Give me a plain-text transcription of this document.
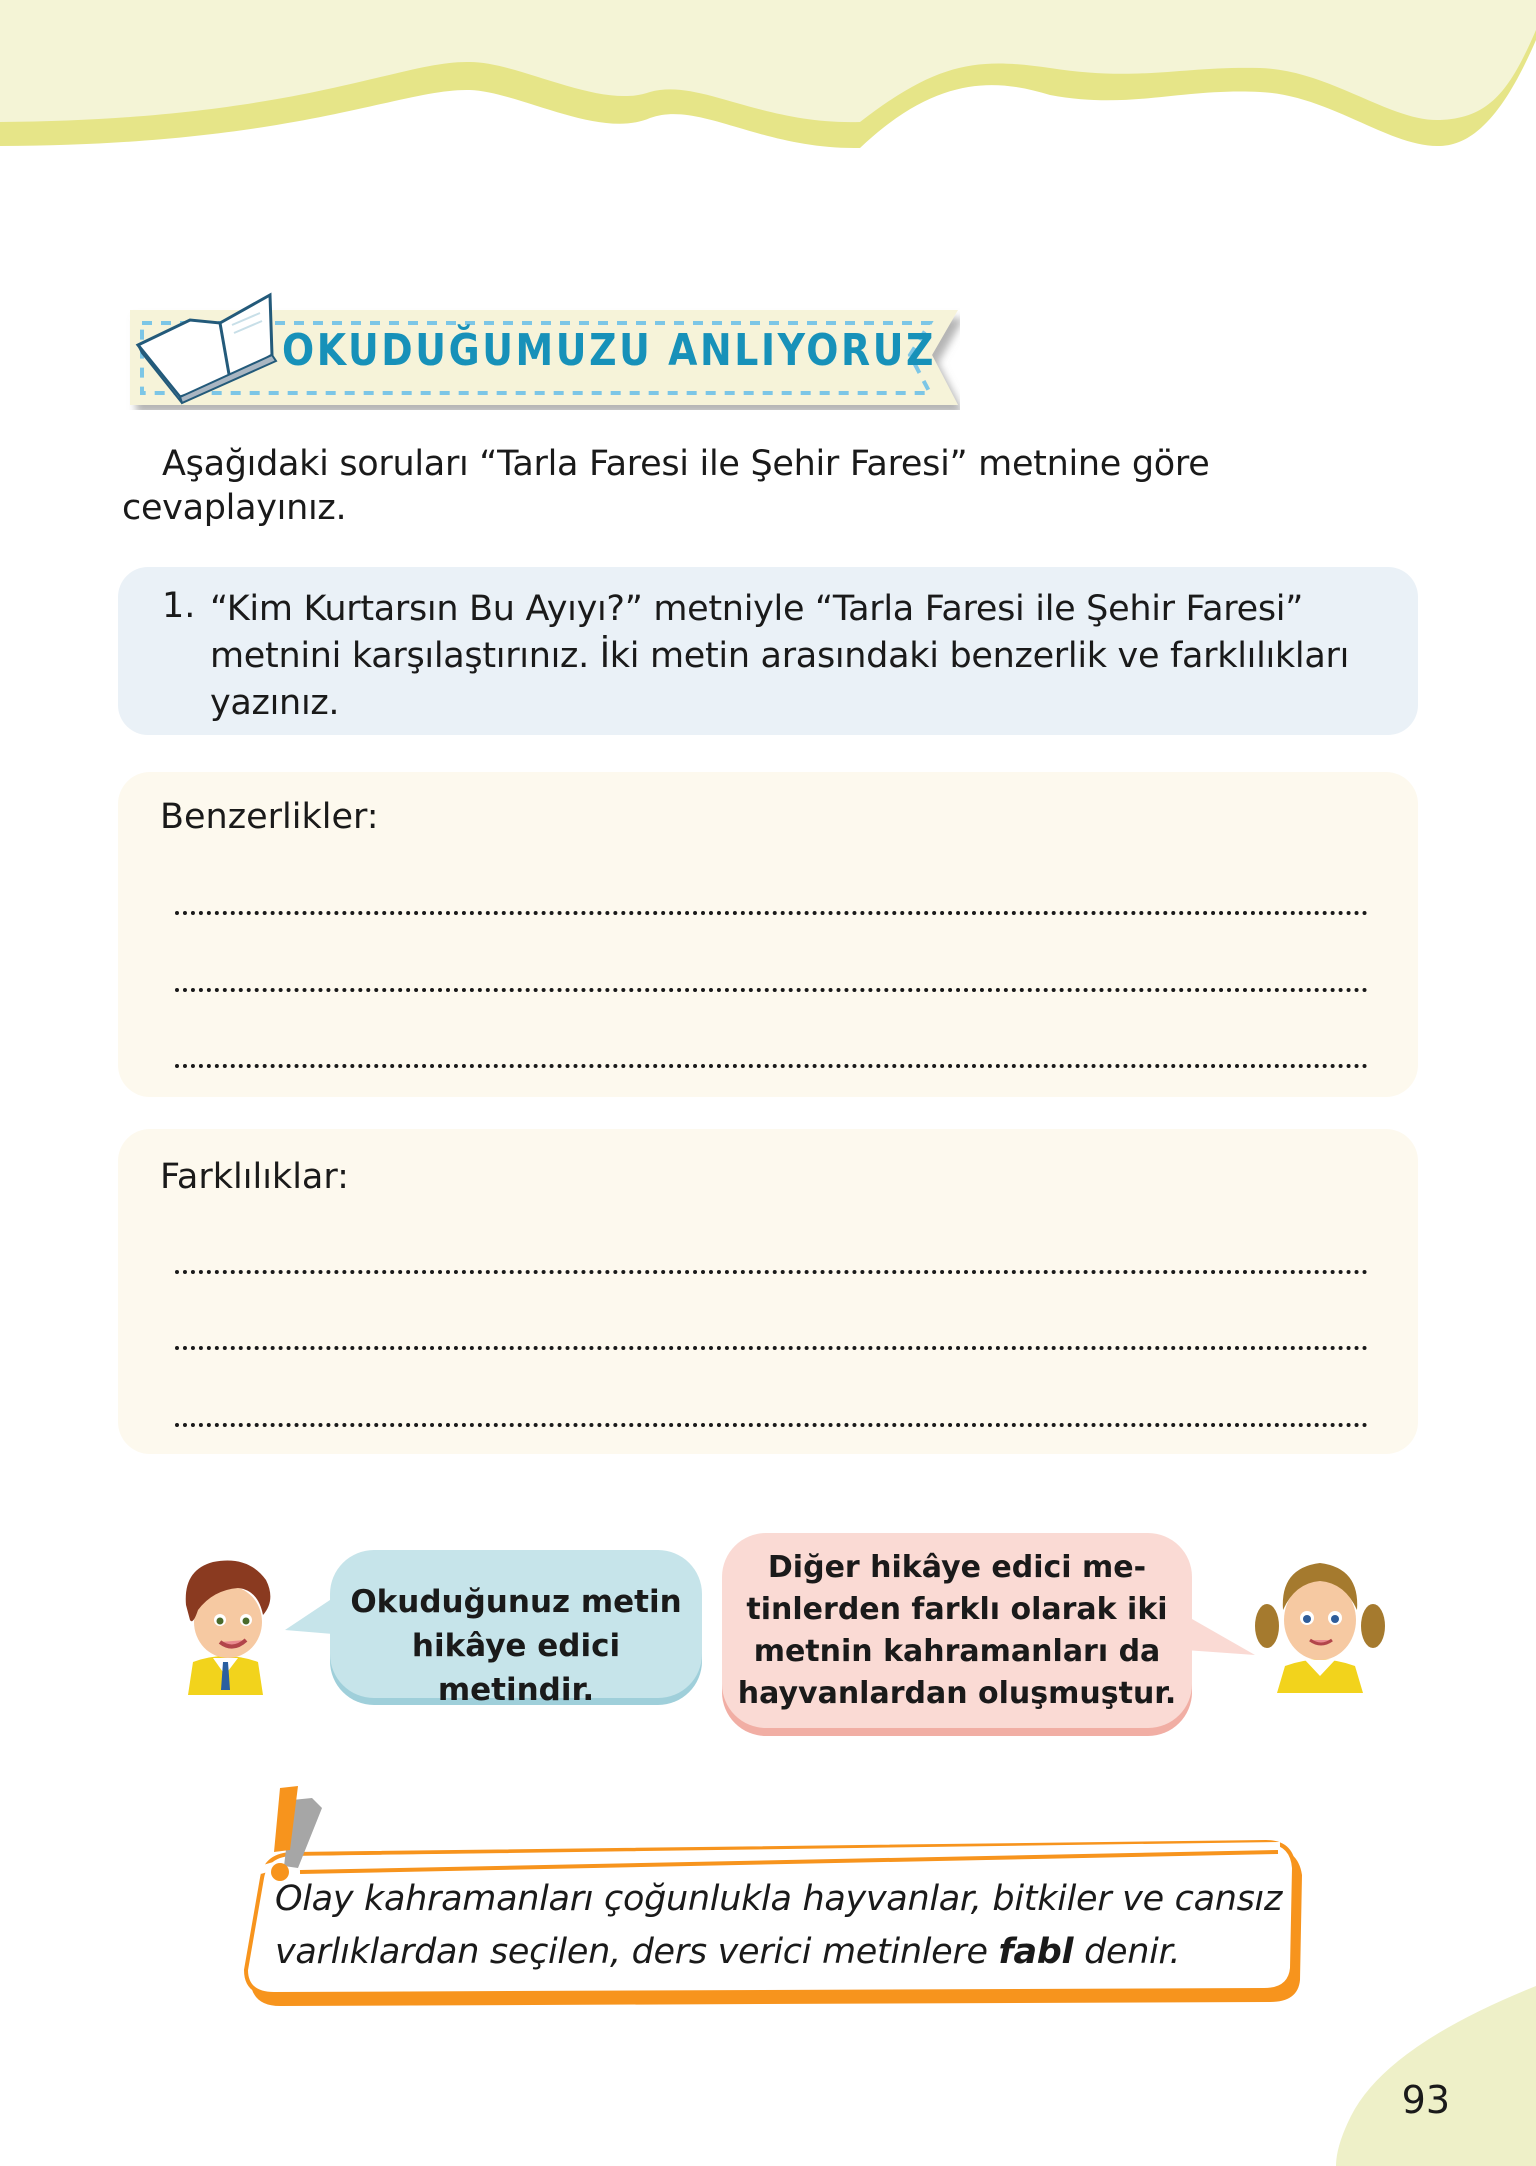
OKUDUĞUMUZU ANLIYORUZ
Aşağıdaki soruları “Tarla Faresi ile Şehir Faresi” metnine göre cevaplayınız.
1. “Kim Kurtarsın Bu Ayıyı?” metniyle “Tarla Faresi ile Şehir Faresi” metnini karşılaştırınız. İki metin arasındaki benzerlik ve farklılıkları yazınız.
Benzerlikler:
Farklılıklar:
Okuduğunuz metin
hikâye edici metindir.
Diğer hikâye edici me-
tinlerden farklı olarak iki
metnin kahramanları da
hayvanlardan oluşmuştur.
Olay kahramanları çoğunlukla hayvanlar, bitkiler ve cansız varlıklardan seçilen, ders verici metinlere fabl denir.
93
